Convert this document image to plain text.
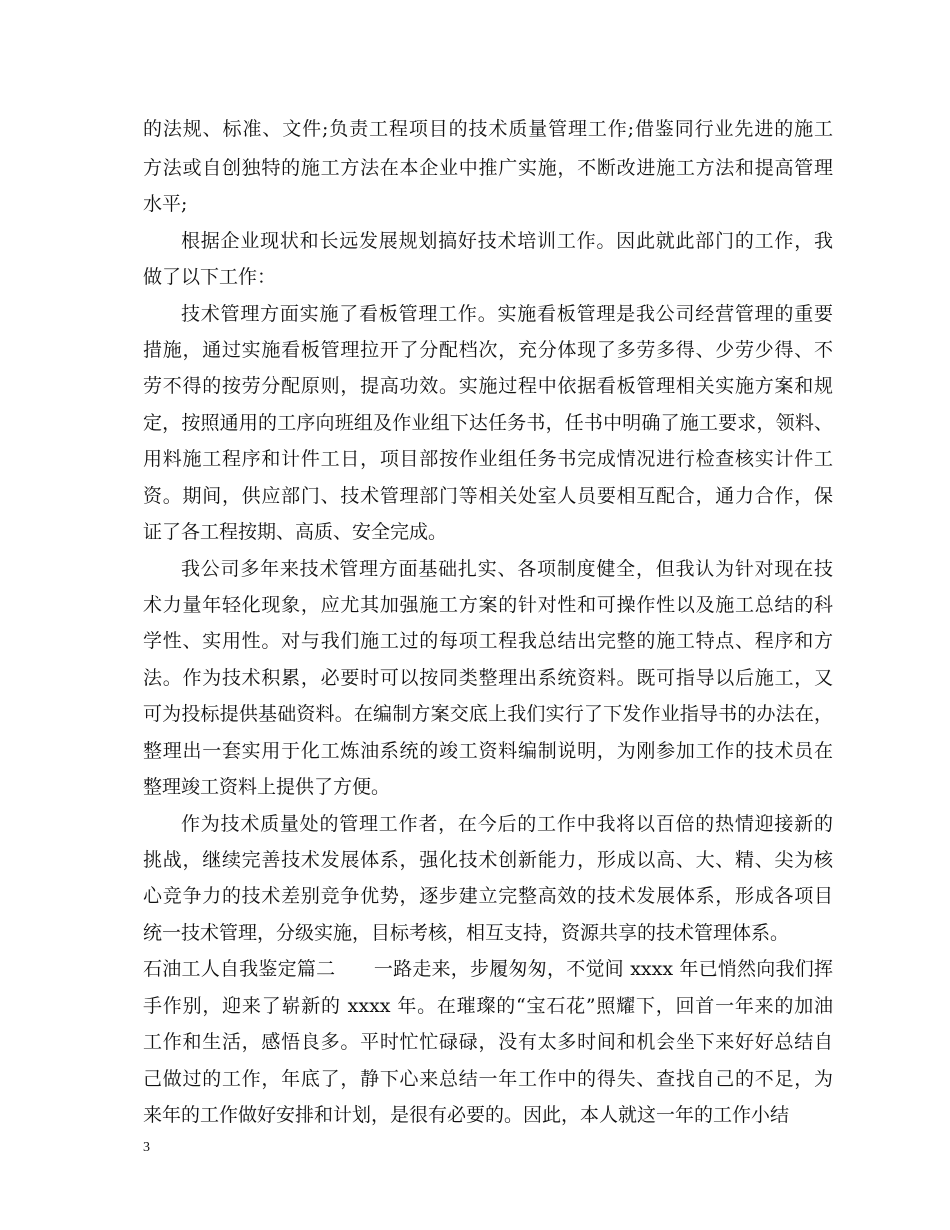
的法规、标准、文件;负责工程项目的技术质量管理工作;借鉴同行业先进的施工
方法或自创独特的施工方法在本企业中推广实施，不断改进施工方法和提高管理
水平;
根据企业现状和长远发展规划搞好技术培训工作。因此就此部门的工作，我
做了以下工作：
技术管理方面实施了看板管理工作。实施看板管理是我公司经营管理的重要
措施，通过实施看板管理拉开了分配档次，充分体现了多劳多得、少劳少得、不
劳不得的按劳分配原则，提高功效。实施过程中依据看板管理相关实施方案和规
定，按照通用的工序向班组及作业组下达任务书，任书中明确了施工要求，领料、
用料施工程序和计件工日，项目部按作业组任务书完成情况进行检查核实计件工
资。期间，供应部门、技术管理部门等相关处室人员要相互配合，通力合作，保
证了各工程按期、高质、安全完成。
我公司多年来技术管理方面基础扎实、各项制度健全，但我认为针对现在技
术力量年轻化现象，应尤其加强施工方案的针对性和可操作性以及施工总结的科
学性、实用性。对与我们施工过的每项工程我总结出完整的施工特点、程序和方
法。作为技术积累，必要时可以按同类整理出系统资料。既可指导以后施工，又
可为投标提供基础资料。在编制方案交底上我们实行了下发作业指导书的办法在，
整理出一套实用于化工炼油系统的竣工资料编制说明，为刚参加工作的技术员在
整理竣工资料上提供了方便。
作为技术质量处的管理工作者，在今后的工作中我将以百倍的热情迎接新的
挑战，继续完善技术发展体系，强化技术创新能力，形成以高、大、精、尖为核
心竞争力的技术差别竞争优势，逐步建立完整高效的技术发展体系，形成各项目
统一技术管理，分级实施，目标考核，相互支持，资源共享的技术管理体系。
石油工人自我鉴定篇二　　一路走来，步履匆匆，不觉间 xxxx 年已悄然向我们挥
手作别，迎来了崭新的 xxxx 年。在璀璨的“宝石花”照耀下，回首一年来的加油
工作和生活，感悟良多。平时忙忙碌碌，没有太多时间和机会坐下来好好总结自
己做过的工作，年底了，静下心来总结一年工作中的得失、查找自己的不足，为
来年的工作做好安排和计划，是很有必要的。因此，本人就这一年的工作小结
3
